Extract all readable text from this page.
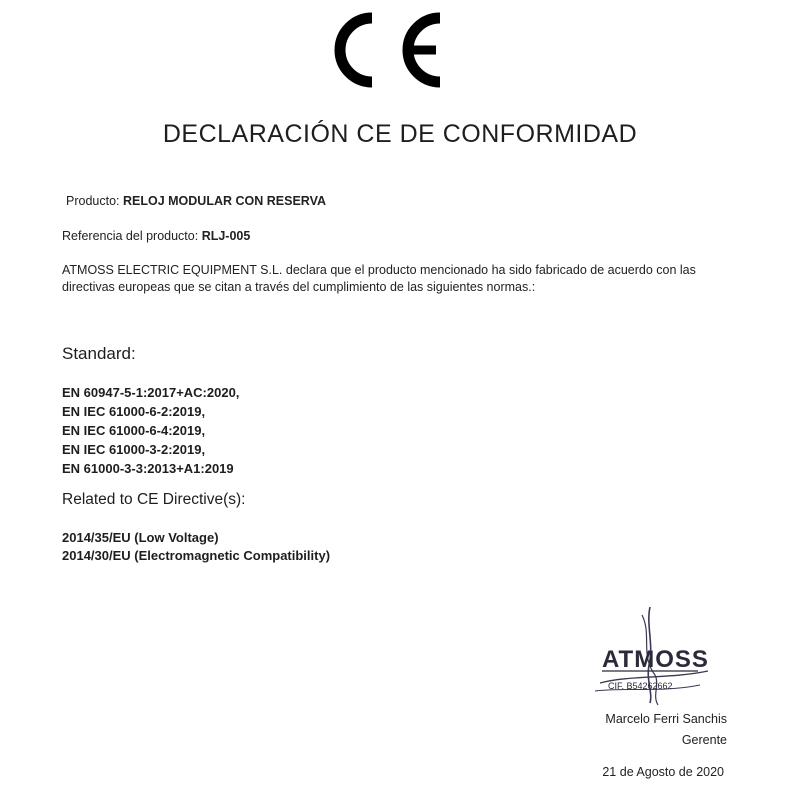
DECLARACIÓN CE DE CONFORMIDAD
Producto: RELOJ MODULAR CON RESERVA
Referencia del producto: RLJ-005
ATMOSS ELECTRIC EQUIPMENT S.L. declara que el producto mencionado ha sido fabricado de acuerdo con las
directivas europeas que se citan a través del cumplimiento de las siguientes normas.:
Standard:
EN 60947-5-1:2017+AC:2020,
EN IEC 61000-6-2:2019,
EN IEC 61000-6-4:2019,
EN IEC 61000-3-2:2019,
EN 61000-3-3:2013+A1:2019
Related to CE Directive(s):
2014/35/EU (Low Voltage)
2014/30/EU (Electromagnetic Compatibility)
ATMOSS
CIF. B54262662
Marcelo Ferri Sanchis
Gerente
21 de Agosto de 2020
